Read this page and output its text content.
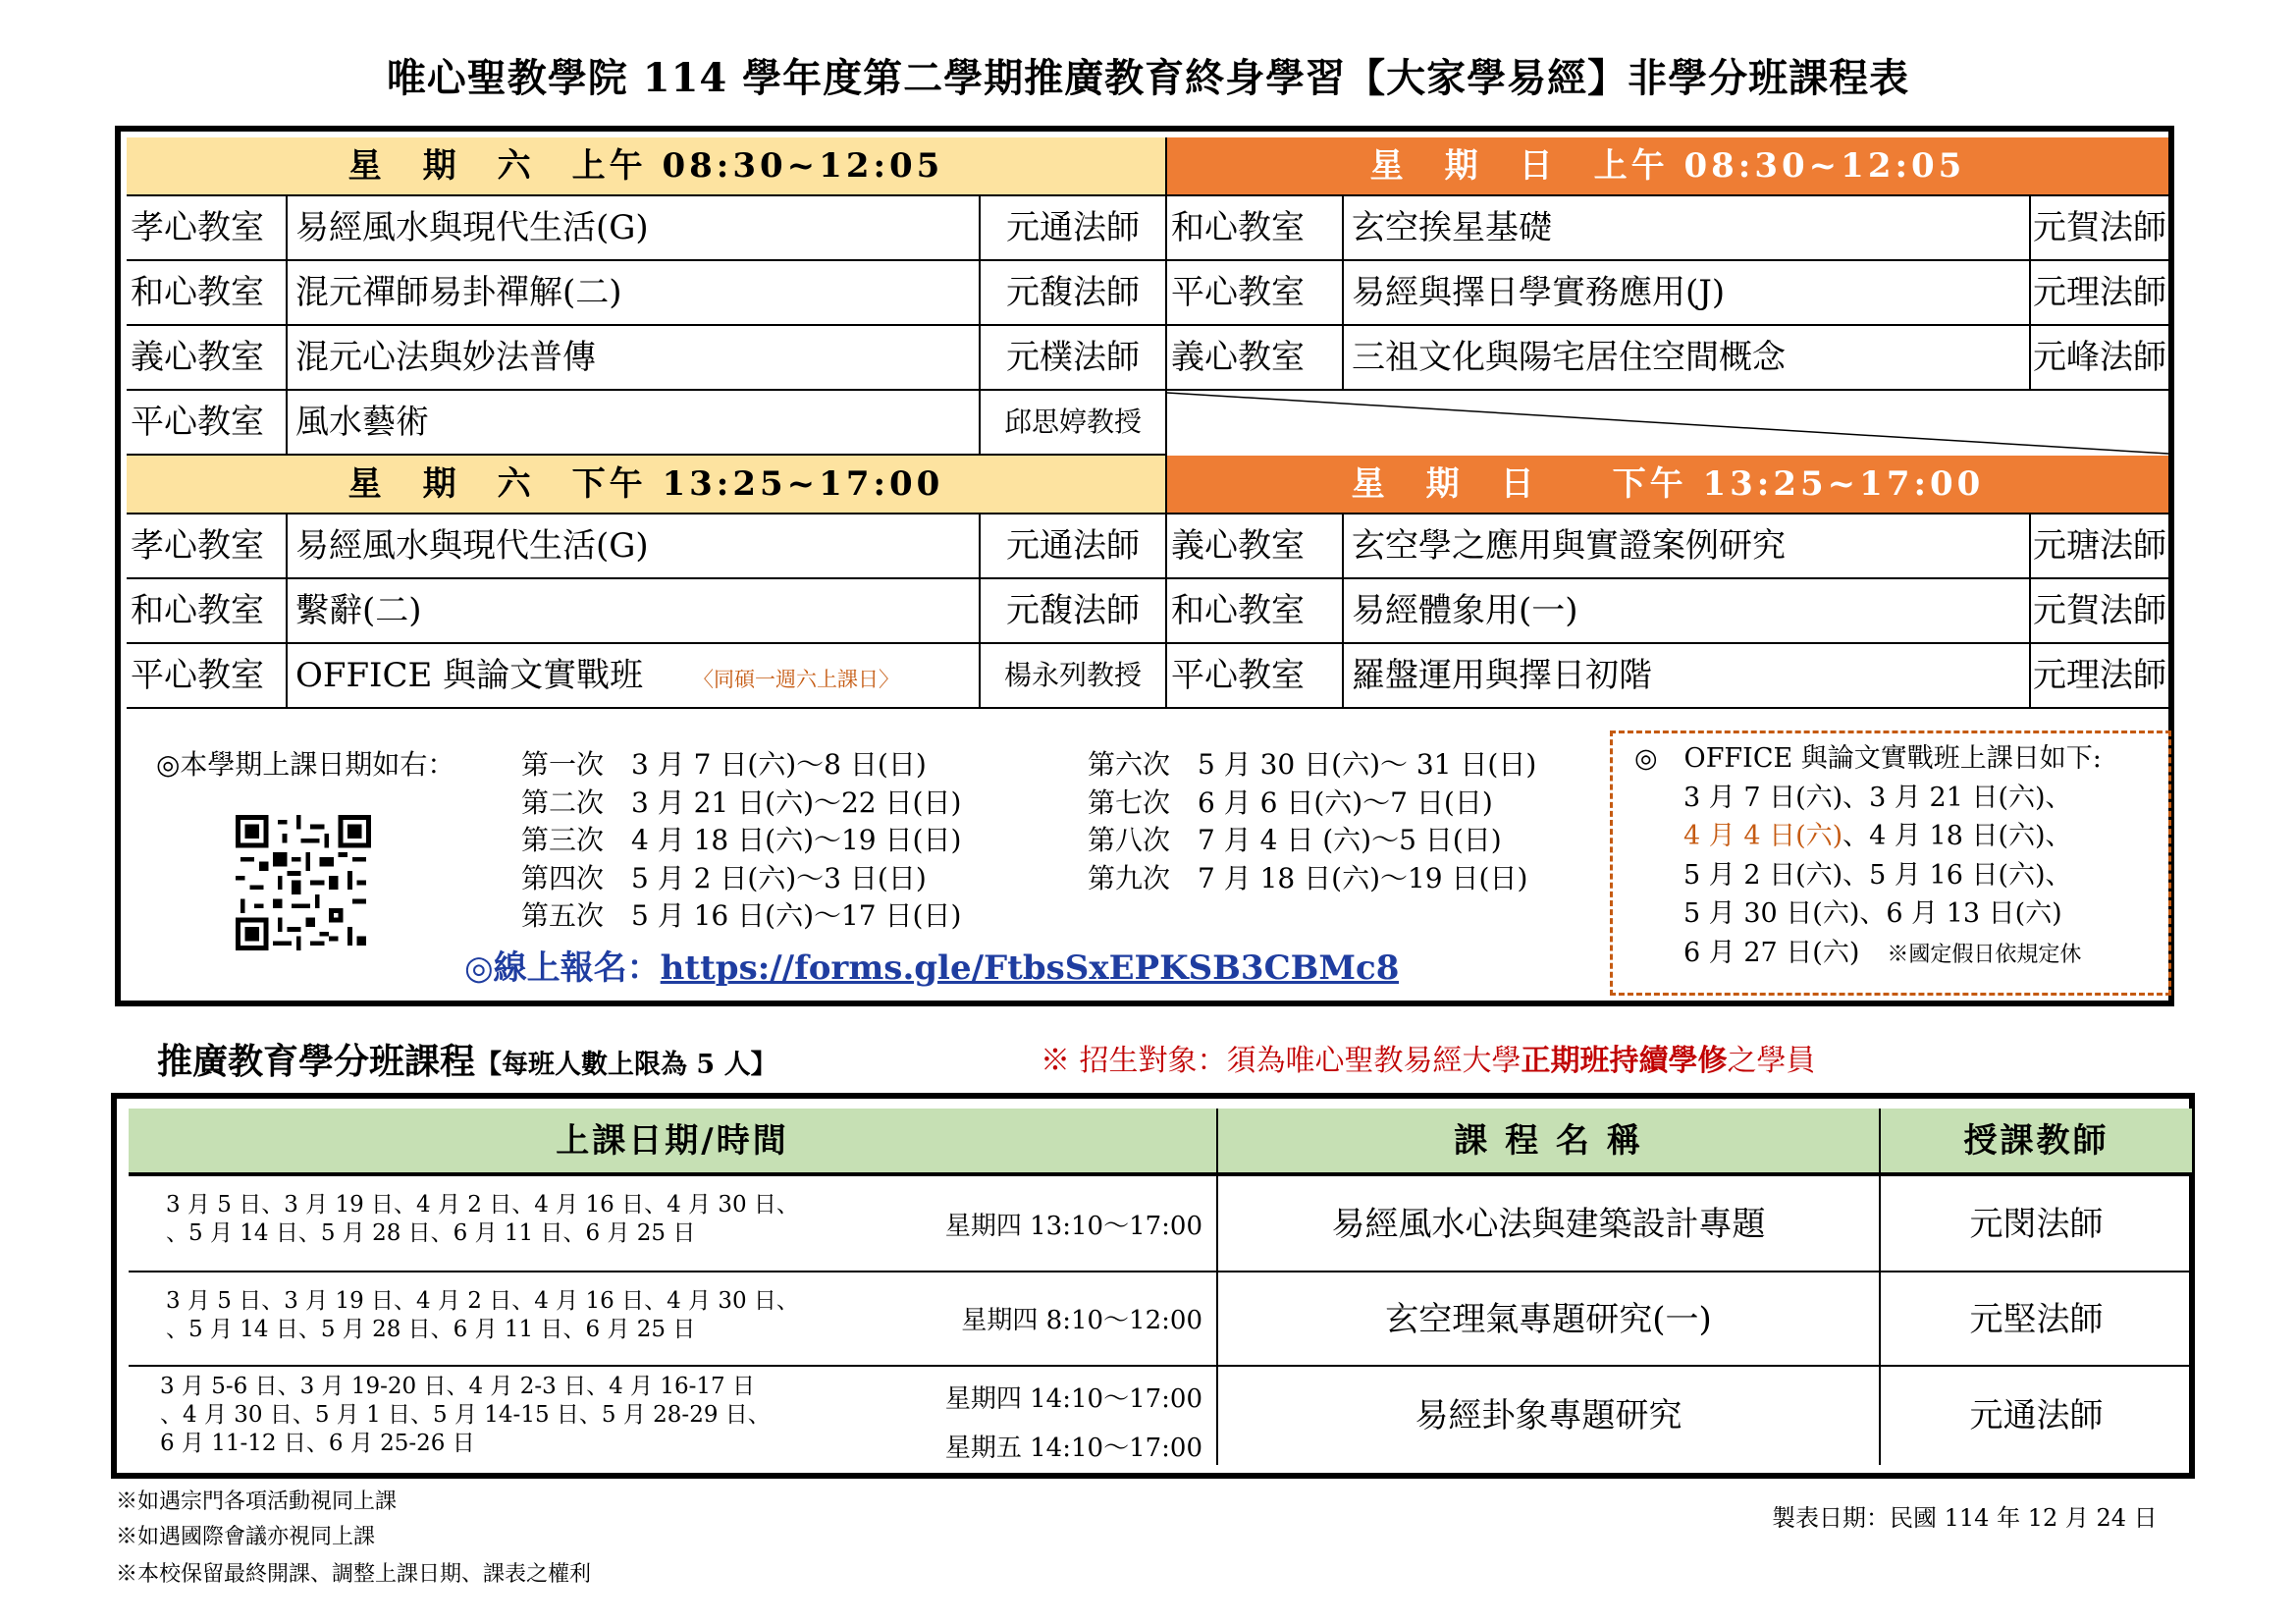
唯心聖教學院 114 學年度第二學期推廣教育終身學習【大家學易經】非學分班課程表
星　期　六　上午 08:30~12:05
孝心教室 易經風水與現代生活(G)	元通法師
和心教室 混元禪師易卦禪解(二)	元馥法師
義心教室 混元心法與妙法普傳	元樸法師
平心教室 風水藝術	邱思婷教授
星　期　六　下午 13:25~17:00
孝心教室 易經風水與現代生活(G)	元通法師
和心教室 繫辭(二)	元馥法師
平心教室 OFFICE 與論文實戰班 〈同碩一週六上課日〉	楊永列教授
星　期　日　上午 08:30~12:05
和心教室	玄空挨星基礎	元賀法師
平心教室	易經與擇日學實務應用(J)	元理法師
義心教室	三祖文化與陽宅居住空間概念	元峰法師
星　期　日　　下午 13:25~17:00
義心教室	玄空學之應用與實證案例研究	元瑭法師
和心教室	易經體象用(一)	元賀法師
平心教室	羅盤運用與擇日初階	元理法師
◎本學期上課日期如右： 第一次　3 月 7 日(六)～8 日(日)
第二次　3 月 21 日(六)～22 日(日)
第三次　4 月 18 日(六)～19 日(日)
第四次　5 月 2 日(六)～3 日(日)
第五次　5 月 16 日(六)～17 日(日)
第六次　5 月 30 日(六)～ 31 日(日)
第七次　6 月 6 日(六)～7 日(日)
第八次　7 月 4 日 (六)～5 日(日)
第九次　7 月 18 日(六)～19 日(日)
◎線上報名：https://forms.gle/FtbsSxEPKSB3CBMc8
◎　OFFICE 與論文實戰班上課日如下:
3 月 7 日(六)、3 月 21 日(六)、
4 月 4 日(六)、4 月 18 日(六)、
5 月 2 日(六)、5 月 16 日(六)、
5 月 30 日(六)、6 月 13 日(六)
6 月 27 日(六) ※國定假日依規定休
推廣教育學分班課程【每班人數上限為 5 人】	※ 招生對象：須為唯心聖教易經大學正期班持續學修之學員
上課日期/時間	課 程 名 稱	授課教師
3 月 5 日、3 月 19 日、4 月 2 日、4 月 16 日、4 月 30 日、
、5 月 14 日、5 月 28 日、6 月 11 日、6 月 25 日	星期四 13:10～17:00	易經風水心法與建築設計專題	元閔法師
3 月 5 日、3 月 19 日、4 月 2 日、4 月 16 日、4 月 30 日、
、5 月 14 日、5 月 28 日、6 月 11 日、6 月 25 日	星期四 8:10～12:00	玄空理氣專題研究(一)	元堅法師
3 月 5-6 日、3 月 19-20 日、4 月 2-3 日、4 月 16-17 日
、4 月 30 日、5 月 1 日、5 月 14-15 日、5 月 28-29 日、
6 月 11-12 日、6 月 25-26 日
星期四 14:10～17:00
星期五 14:10～17:00
易經卦象專題研究	元通法師
※如遇宗門各項活動視同上課
※如遇國際會議亦視同上課
※本校保留最終開課、調整上課日期、課表之權利
製表日期：民國 114 年 12 月 24 日
